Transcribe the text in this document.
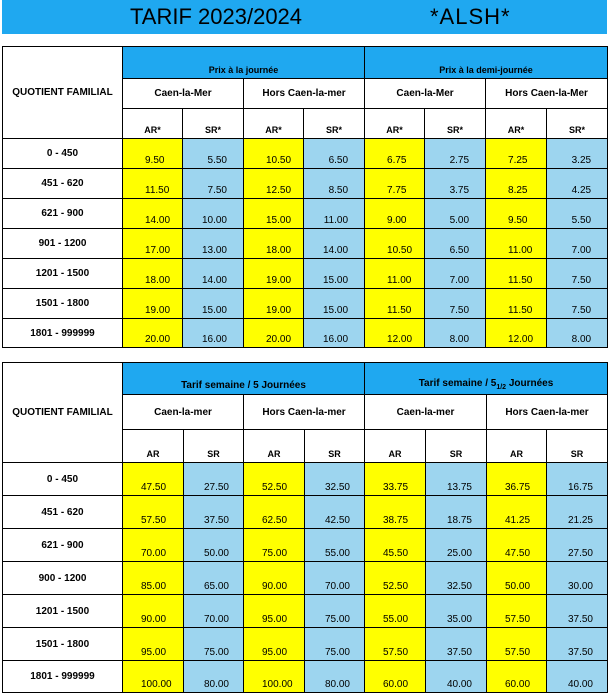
TARIF 2023/2024	*ALSH*
QUOTIENT FAMILIAL	Prix à la journée				Prix à la demi-journée			
	Caen-la-Mer		Hors Caen-la-mer		Caen-la-Mer		Hors Caen-la-Mer	
	AR*	SR*	AR*	SR*	AR*	SR*	AR*	SR*
0 - 450	9.50	5.50	10.50	6.50	6.75	2.75	7.25	3.25
451 - 620	11.50	7.50	12.50	8.50	7.75	3.75	8.25	4.25
621 - 900	14.00	10.00	15.00	11.00	9.00	5.00	9.50	5.50
901 - 1200	17.00	13.00	18.00	14.00	10.50	6.50	11.00	7.00
1201 - 1500	18.00	14.00	19.00	15.00	11.00	7.00	11.50	7.50
1501 - 1800	19.00	15.00	19.00	15.00	11.50	7.50	11.50	7.50
1801 - 999999	20.00	16.00	20.00	16.00	12.00	8.00	12.00	8.00
QUOTIENT FAMILIAL	Tarif semaine / 5 Journées				Tarif semaine / $5_{1/2}$ Journées			
	Caen-la-mer		Hors Caen-la-mer		Caen-la-mer		Hors Caen-la-mer	
	AR	SR	AR	SR	AR	SR	AR	SR
0 - 450	47.50	27.50	52.50	32.50	33.75	13.75	36.75	16.75
451 - 620	57.50	37.50	62.50	42.50	38.75	18.75	41.25	21.25
621 - 900	70.00	50.00	75.00	55.00	45.50	25.00	47.50	27.50
900 - 1200	85.00	65.00	90.00	70.00	52.50	32.50	50.00	30.00
1201 - 1500	90.00	70.00	95.00	75.00	55.00	35.00	57.50	37.50
1501 - 1800	95.00	75.00	95.00	75.00	57.50	37.50	57.50	37.50
1801 - 999999	100.00	80.00	100.00	80.00	60.00	40.00	60.00	40.00
